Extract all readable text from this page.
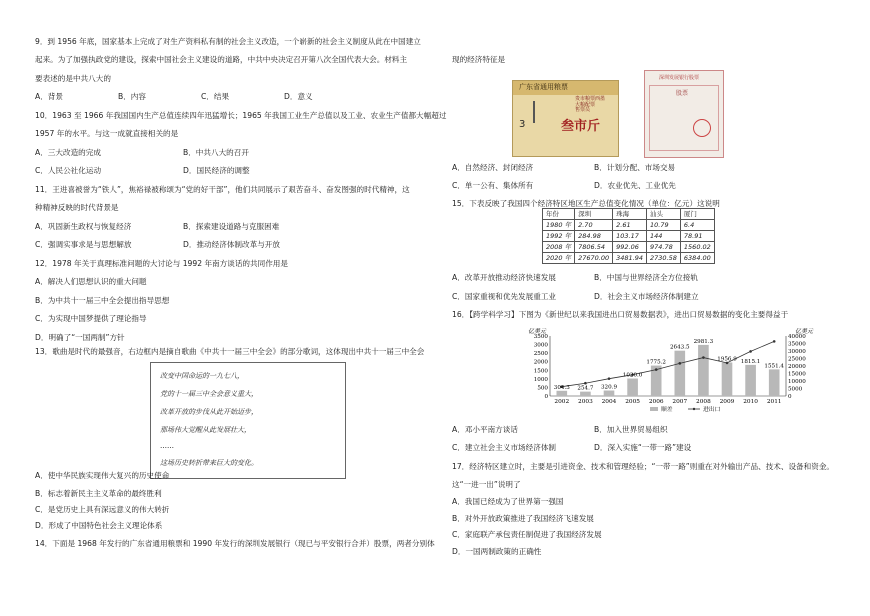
9．到 1956 年底，国家基本上完成了对生产资料私有制的社会主义改造，一个崭新的社会主义制度从此在中国建立
起来。为了加强执政党的建设，探索中国社会主义建设的道路，中共中央决定召开第八次全国代表大会。材料主
要表述的是中共八大的
A．背景	B．内容	C．结果	D．意义
10．1963 至 1966 年我国国内生产总值连续四年迅猛增长；1965 年我国工业生产总值以及工业、农业生产值都大幅超过
1957 年的水平。与这一成就直接相关的是
A．三大改造的完成	B．中共八大的召开
C．人民公社化运动	D．国民经济的调整
11．王进喜被誉为“铁人”，焦裕禄被称颂为“党的好干部”，他们共同展示了艰苦奋斗、奋发图强的时代精神，这
种精神反映的时代背景是
A．巩固新生政权与恢复经济	B．探索建设道路与克服困难
C．强调实事求是与思想解放	D．推动经济体制改革与开放
12．1978 年关于真理标准问题的大讨论与 1992 年南方谈话的共同作用是
A．解决人们思想认识的重大问题
B．为中共十一届三中全会提出指导思想
C．为实现中国梦提供了理论指导
D．明确了“一国两制”方针
13．歌曲是时代的最强音，右边框内是摘自歌曲《中共十一届三中全会》的部分歌词，这体现出中共十一届三中全会
改变中国命运的一九七八，
党的十一届三中全会意义重大，
改革开放的步伐从此开始迈步，
那场伟大觉醒从此发展壮大，
……
这场历史转折带来巨大的变化。
A．使中华民族实现伟大复兴的历史使命
B．标志着新民主主义革命的最终胜利
C．是党历史上具有深远意义的伟大转折
D．形成了中国特色社会主义理论体系
14．下面是 1968 年发行的广东省通用粮票和 1990 年发行的深圳发展银行（现已与平安银行合并）股票，两者分别体
现的经济特征是
广东省通用粮票
贵市粮票西墨
大粮配票
售票员
3	叁市斤
深圳发展银行股票
股票
A．自然经济、封闭经济	B．计划分配、市场交易
C．单一公有、集体所有	D．农业优先、工业优先
15．下表反映了我国四个经济特区地区生产总值变化情况（单位：亿元）这说明
年份	深圳	珠海	汕头	厦门
1980 年	2.70	2.61	10.79	6.4
1992 年	284.98	103.17	144	78.91
2008 年	7806.54	992.06	974.78	1560.02
2020 年	27670.00	3481.94	2730.58	6384.00
A．改革开放推动经济快速发展	B．中国与世界经济全方位接轨
C．国家重视和优先发展重工业	D．社会主义市场经济体制建立
16．【跨学科学习】下图为《新世纪以来我国进出口贸易数据表》，进出口贸易数据的变化主要得益于
亿美元	亿美元
0
500
1000
1500
2000
2500
3000
3500
0
5000
10000
15000
20000
25000
30000
35000
40000
304.3 254.7 320.9
1020.0
1775.2
2643.5
2981.3
1956.9 1815.1
1551.4
2002 2003 2004 2005 2006 2007 2008 2009 2010 2011
顺差	进出口
A．邓小平南方谈话	B．加入世界贸易组织
C．建立社会主义市场经济体制	D．深入实施“一带一路”建设
17．经济特区建立时，主要是引进资金、技术和管理经验；“一带一路”则重在对外输出产品、技术、设备和资金。
这“一进一出”说明了
A．我国已经成为了世界第一强国
B．对外开放政策推进了我国经济飞速发展
C．家庭联产承包责任制促进了我国经济发展
D．一国两制政策的正确性
